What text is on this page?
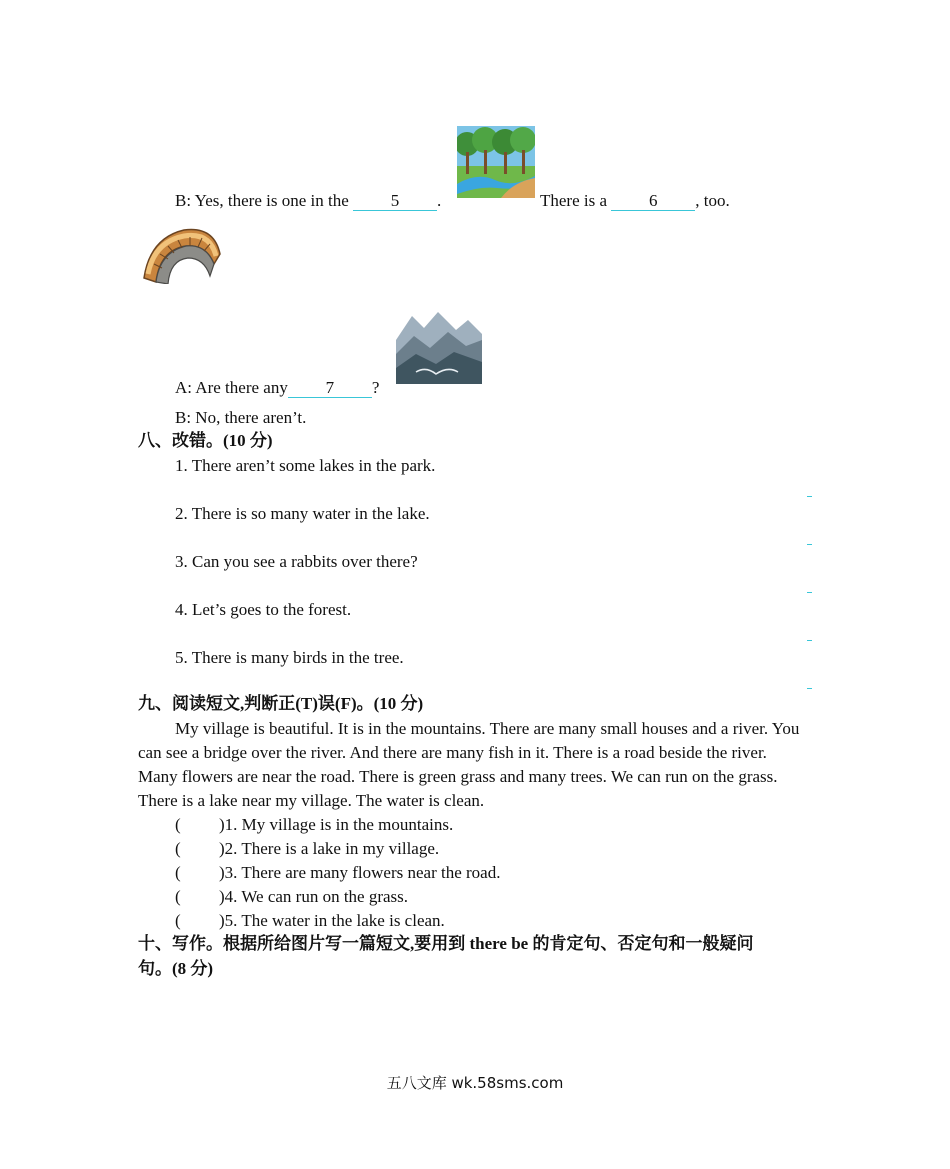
B: Yes, there is one in the 5 .	There is a 6 , too.
A: Are there any 7 ?
B: No, there aren’t.
八、改错。(10 分)
1. There aren’t some lakes in the park.
2. There is so many water in the lake.
3. Can you see a rabbits over there?
4. Let’s goes to the forest.
5. There is many birds in the tree.
九、阅读短文,判断正(T)误(F)。(10 分)
My village is beautiful. It is in the mountains. There are many small houses and a river. You can see a bridge over the river. And there are many fish in it. There is a road beside the river. Many flowers are near the road. There is green grass and many trees. We can run on the grass. There is a lake near my village. The water is clean.
( )1. My village is in the mountains.
( )2. There is a lake in my village.
( )3. There are many flowers near the road.
( )4. We can run on the grass.
( )5. The water in the lake is clean.
十、写作。根据所给图片写一篇短文,要用到 there be 的肯定句、否定句和一般疑问
句。(8 分)
五八文库 wk.58sms.com
